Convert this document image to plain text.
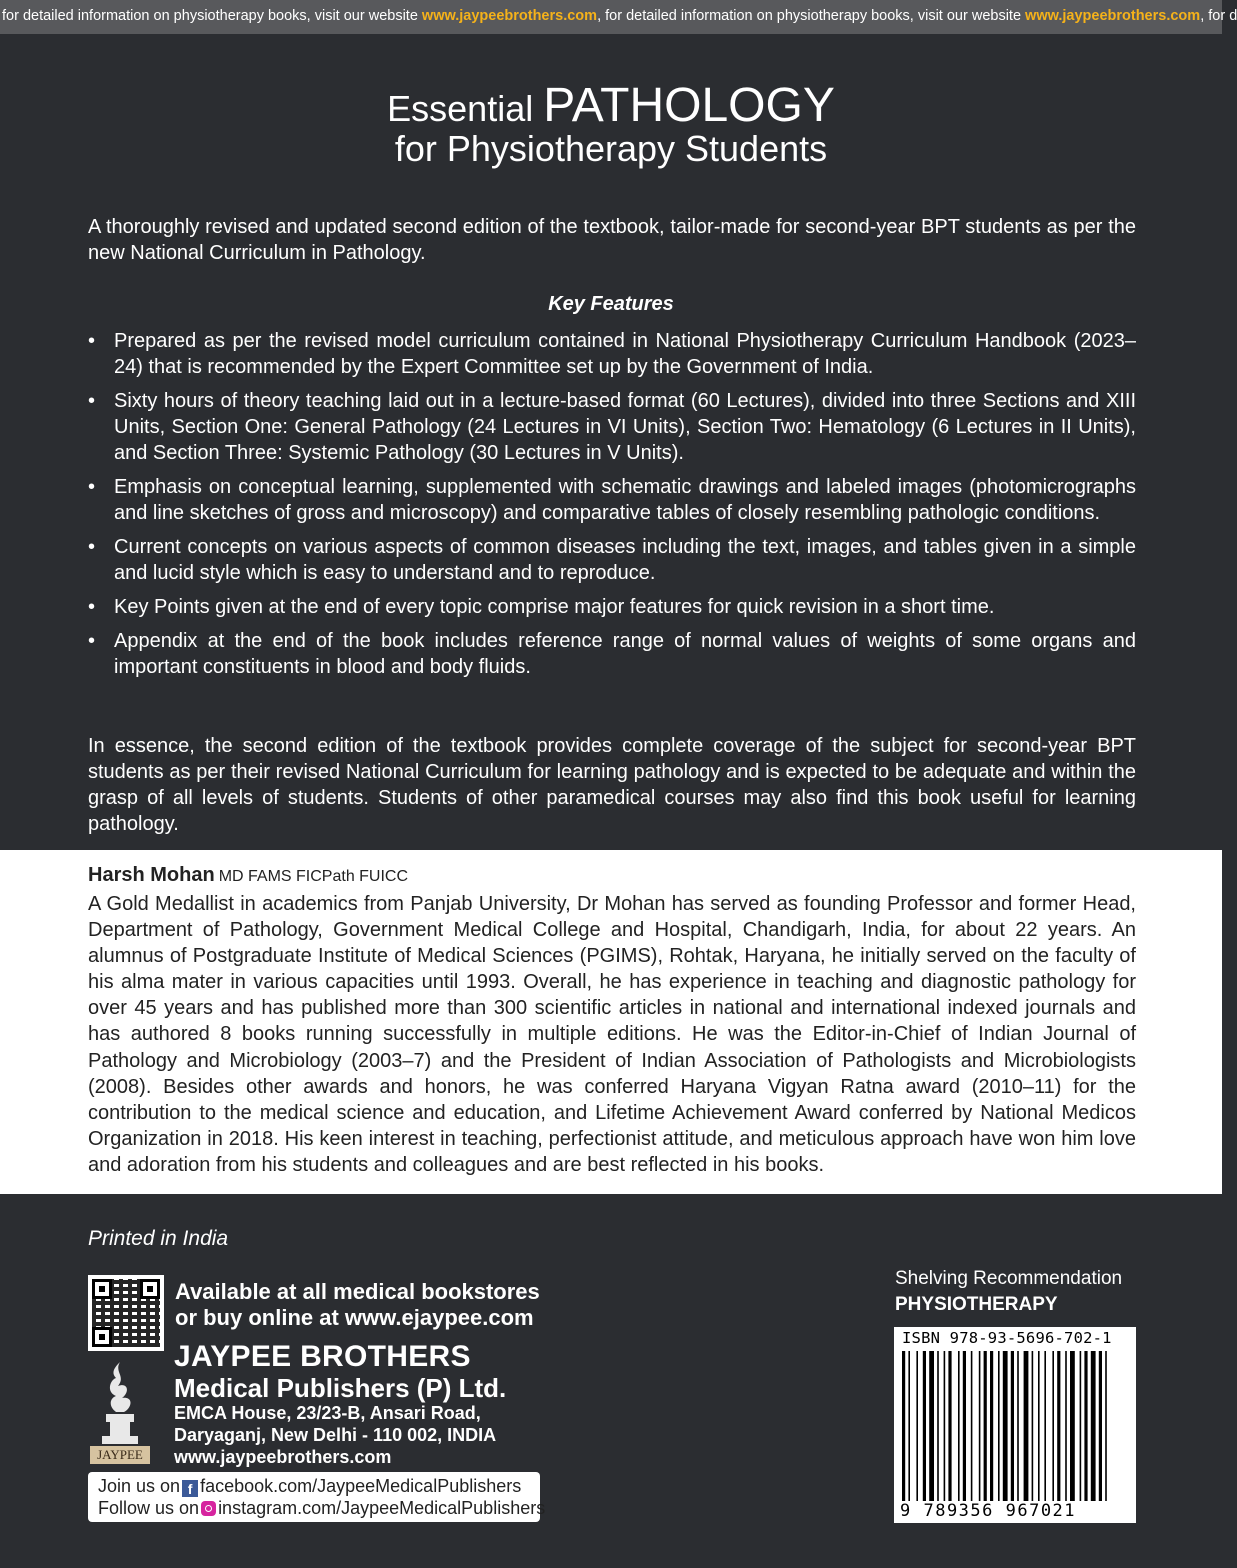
for detailed information on physiotherapy books, visit our website www.jaypeebrothers.com, for detailed information on physiotherapy books, visit our website www.jaypeebrothers.com, for d
Essential PATHOLOGY
for Physiotherapy Students

A thoroughly revised and updated second edition of the textbook, tailor-made for second-year BPT students as per the new National Curriculum in Pathology.

Key Features
• Prepared as per the revised model curriculum contained in National Physiotherapy Curriculum Handbook (2023–24) that is recommended by the Expert Committee set up by the Government of India.
• Sixty hours of theory teaching laid out in a lecture-based format (60 Lectures), divided into three Sections and XIII Units, Section One: General Pathology (24 Lectures in VI Units), Section Two: Hematology (6 Lectures in II Units), and Section Three: Systemic Pathology (30 Lectures in V Units).
• Emphasis on conceptual learning, supplemented with schematic drawings and labeled images (photomicrographs and line sketches of gross and microscopy) and comparative tables of closely resembling pathologic conditions.
• Current concepts on various aspects of common diseases including the text, images, and tables given in a simple and lucid style which is easy to understand and to reproduce.
• Key Points given at the end of every topic comprise major features for quick revision in a short time.
• Appendix at the end of the book includes reference range of normal values of weights of some organs and important constituents in blood and body fluids.

In essence, the second edition of the textbook provides complete coverage of the subject for second-year BPT students as per their revised National Curriculum for learning pathology and is expected to be adequate and within the grasp of all levels of students. Students of other paramedical courses may also find this book useful for learning pathology.

Harsh Mohan MD FAMS FICPath FUICC

A Gold Medallist in academics from Panjab University, Dr Mohan has served as founding Professor and former Head, Department of Pathology, Government Medical College and Hospital, Chandigarh, India, for about 22 years. An alumnus of Postgraduate Institute of Medical Sciences (PGIMS), Rohtak, Haryana, he initially served on the faculty of his alma mater in various capacities until 1993. Overall, he has experience in teaching and diagnostic pathology for over 45 years and has published more than 300 scientific articles in national and international indexed journals and has authored 8 books running successfully in multiple editions. He was the Editor-in-Chief of Indian Journal of Pathology and Microbiology (2003–7) and the President of Indian Association of Pathologists and Microbiologists (2008). Besides other awards and honors, he was conferred Haryana Vigyan Ratna award (2010–11) for the contribution to the medical science and education, and Lifetime Achievement Award conferred by National Medicos Organization in 2018. His keen interest in teaching, perfectionist attitude, and meticulous approach have won him love and adoration from his students and colleagues and are best reflected in his books.

Printed in India
Available at all medical bookstores
or buy online at www.ejaypee.com
JAYPEE
JAYPEE BROTHERS
Medical Publishers (P) Ltd.
EMCA House, 23/23-B, Ansari Road,
Daryaganj, New Delhi - 110 002, INDIA
www.jaypeebrothers.com
Join us on f facebook.com/JaypeeMedicalPublishers
Follow us on instagram.com/JaypeeMedicalPublishers
Shelving Recommendation
PHYSIOTHERAPY
ISBN 978-93-5696-702-1
9 789356 967021
